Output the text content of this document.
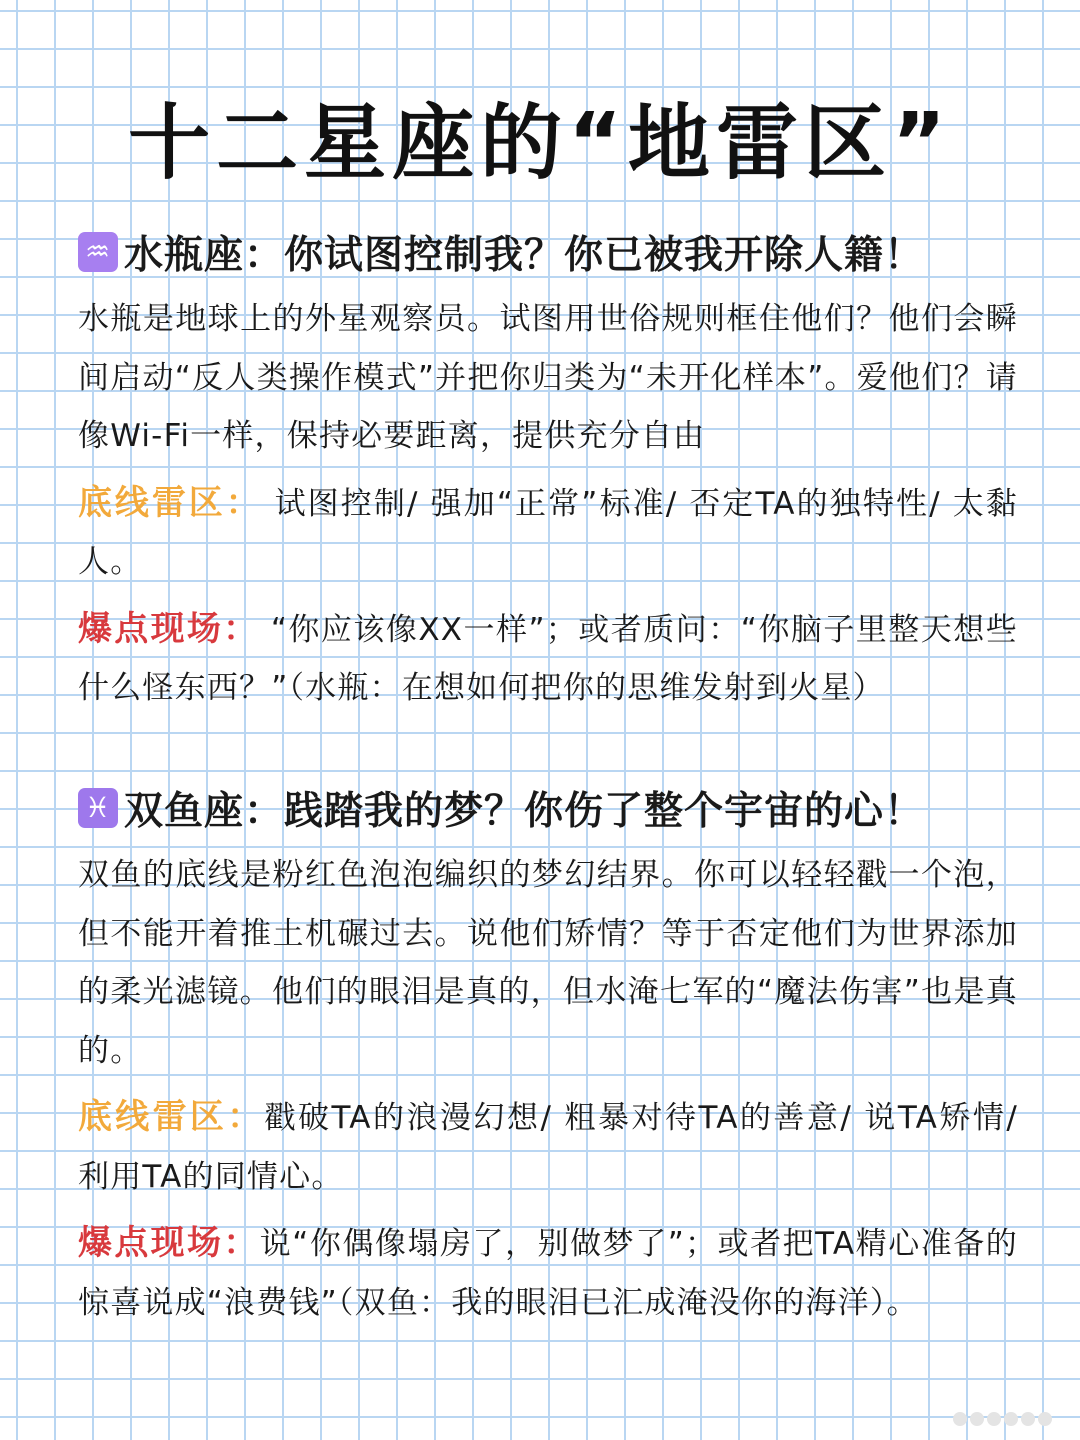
十二星座的“地雷区”
♒ 水瓶座：你试图控制我？你已被我开除人籍！
水瓶是地球上的外星观察员。试图用世俗规则框住他们？他们会瞬间启动“反人类操作模式”并把你归类为“未开化样本”。爱他们？请像Wi-Fi一样，保持必要距离，提供充分自由
底线雷区： 试图控制/ 强加“正常”标准/ 否定TA的独特性/ 太黏人。
爆点现场： “你应该像XX一样”；或者质问：“你脑子里整天想些什么怪东西？”（水瓶：在想如何把你的思维发射到火星）
♓ 双鱼座：践踏我的梦？你伤了整个宇宙的心！
双鱼的底线是粉红色泡泡编织的梦幻结界。你可以轻轻戳一个泡，但不能开着推土机碾过去。说他们矫情？等于否定他们为世界添加的柔光滤镜。他们的眼泪是真的，但水淹七军的“魔法伤害”也是真的。
底线雷区：戳破TA的浪漫幻想/ 粗暴对待TA的善意/ 说TA矫情/ 利用TA的同情心。
爆点现场：说“你偶像塌房了，别做梦了”；或者把TA精心准备的惊喜说成“浪费钱”（双鱼：我的眼泪已汇成淹没你的海洋）。
